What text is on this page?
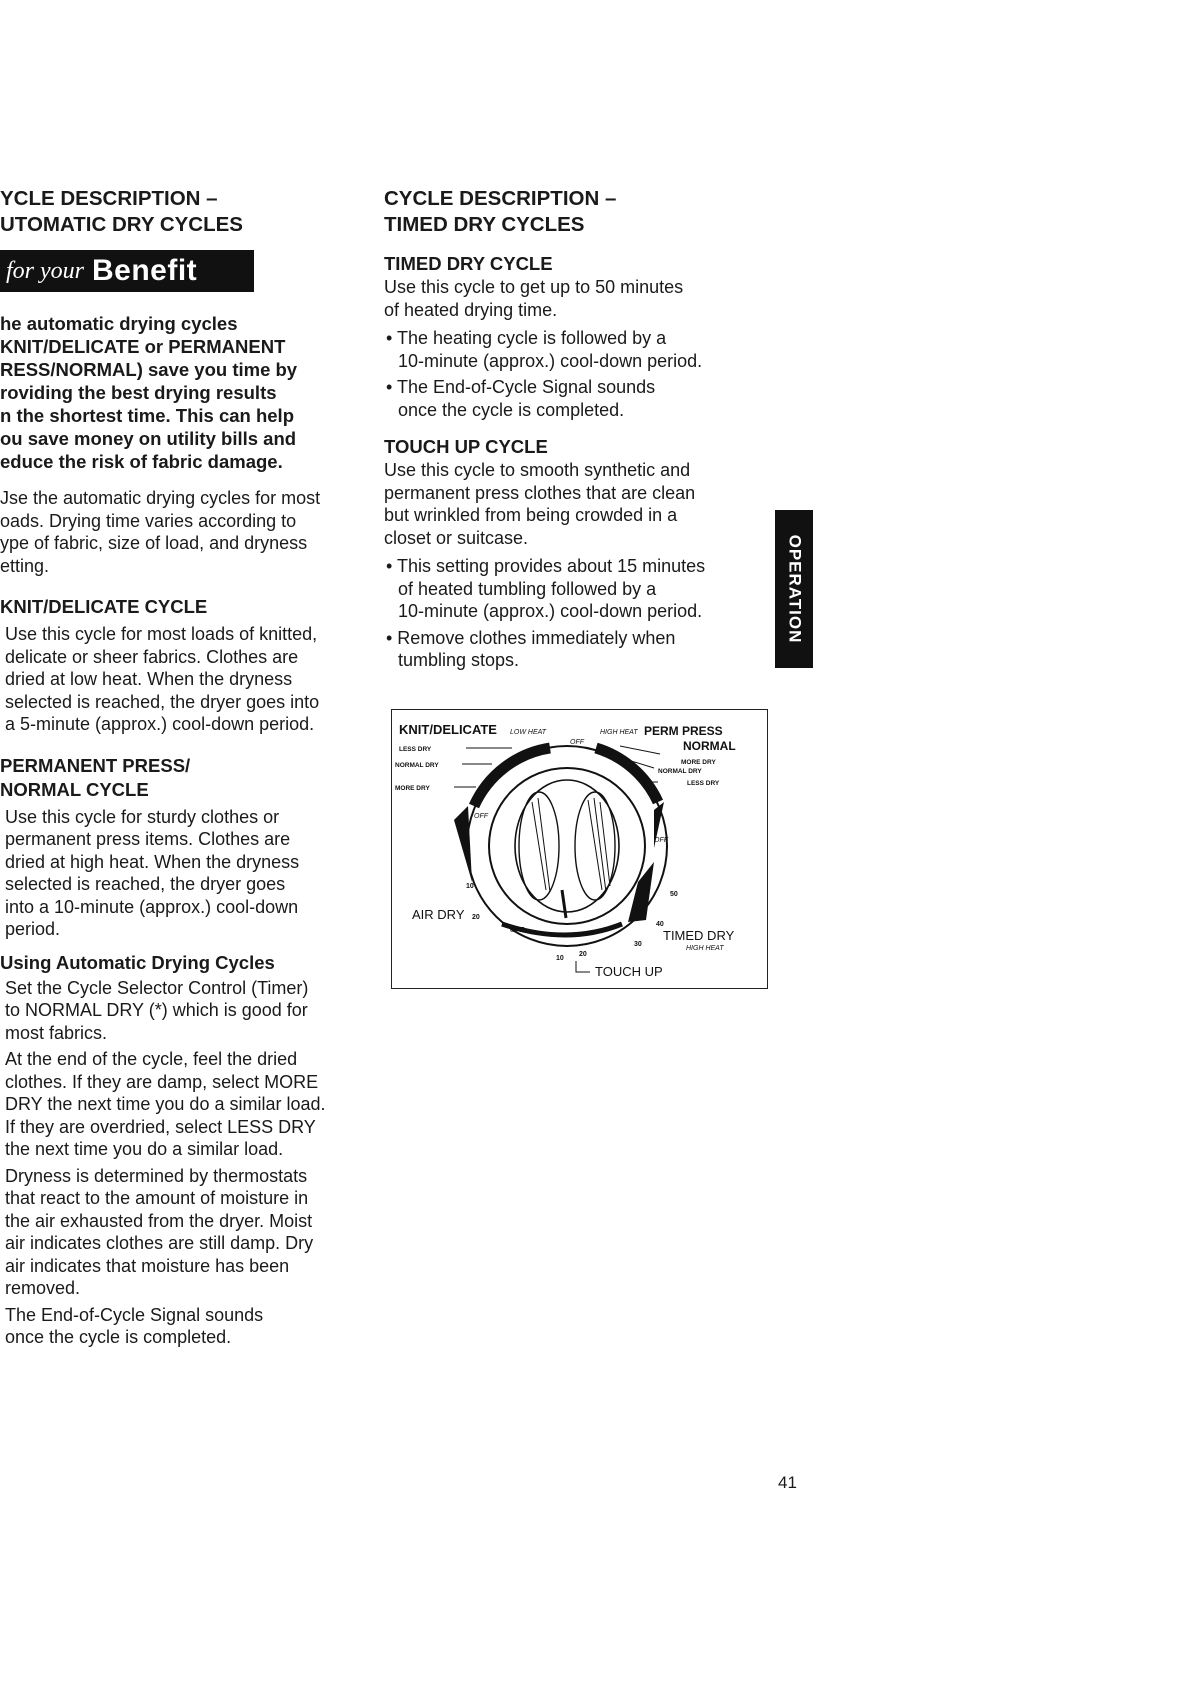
YCLE DESCRIPTION –

UTOMATIC DRY CYCLES

for your Benefit

he automatic drying cycles

KNIT/DELICATE or PERMANENT

RESS/NORMAL) save you time by

roviding the best drying results

n the shortest time. This can help

ou save money on utility bills and

educe the risk of fabric damage.

Jse the automatic drying cycles for most

oads. Drying time varies according to

ype of fabric, size of load, and dryness

etting.

KNIT/DELICATE CYCLE

Use this cycle for most loads of knitted,

delicate or sheer fabrics. Clothes are

dried at low heat. When the dryness

selected is reached, the dryer goes into

a 5-minute (approx.) cool-down period.

PERMANENT PRESS/

NORMAL CYCLE

Use this cycle for sturdy clothes or

permanent press items. Clothes are

dried at high heat. When the dryness

selected is reached, the dryer goes

into a 10-minute (approx.) cool-down

period.

Using Automatic Drying Cycles

Set the Cycle Selector Control (Timer)

to NORMAL DRY (*) which is good for

most fabrics.

At the end of the cycle, feel the dried

clothes. If they are damp, select MORE

DRY the next time you do a similar load.

If they are overdried, select LESS DRY

the next time you do a similar load.

Dryness is determined by thermostats

that react to the amount of moisture in

the air exhausted from the dryer. Moist

air indicates clothes are still damp. Dry

air indicates that moisture has been

removed.

The End-of-Cycle Signal sounds

once the cycle is completed.

CYCLE DESCRIPTION –

TIMED DRY CYCLES

TIMED DRY CYCLE

Use this cycle to get up to 50 minutes

of heated drying time.

• The heating cycle is followed by a

10-minute (approx.) cool-down period.

• The End-of-Cycle Signal sounds

once the cycle is completed.

TOUCH UP CYCLE

Use this cycle to smooth synthetic and

permanent press clothes that are clean

but wrinkled from being crowded in a

closet or suitcase.

• This setting provides about 15 minutes

of heated tumbling followed by a

10-minute (approx.) cool-down period.

• Remove clothes immediately when

tumbling stops.

KNIT/DELICATE LOW HEAT
OFF
HIGH HEAT PERM PRESS
NORMAL
LESS DRY
NORMAL DRY
MORE DRY
MORE DRY
NORMAL DRY
LESS DRY
OFF
OFF
OFF
10
AIR DRY 20
50
40
30
TIMED DRY
HIGH HEAT
10
20
TOUCH UP
OPERATION
41
